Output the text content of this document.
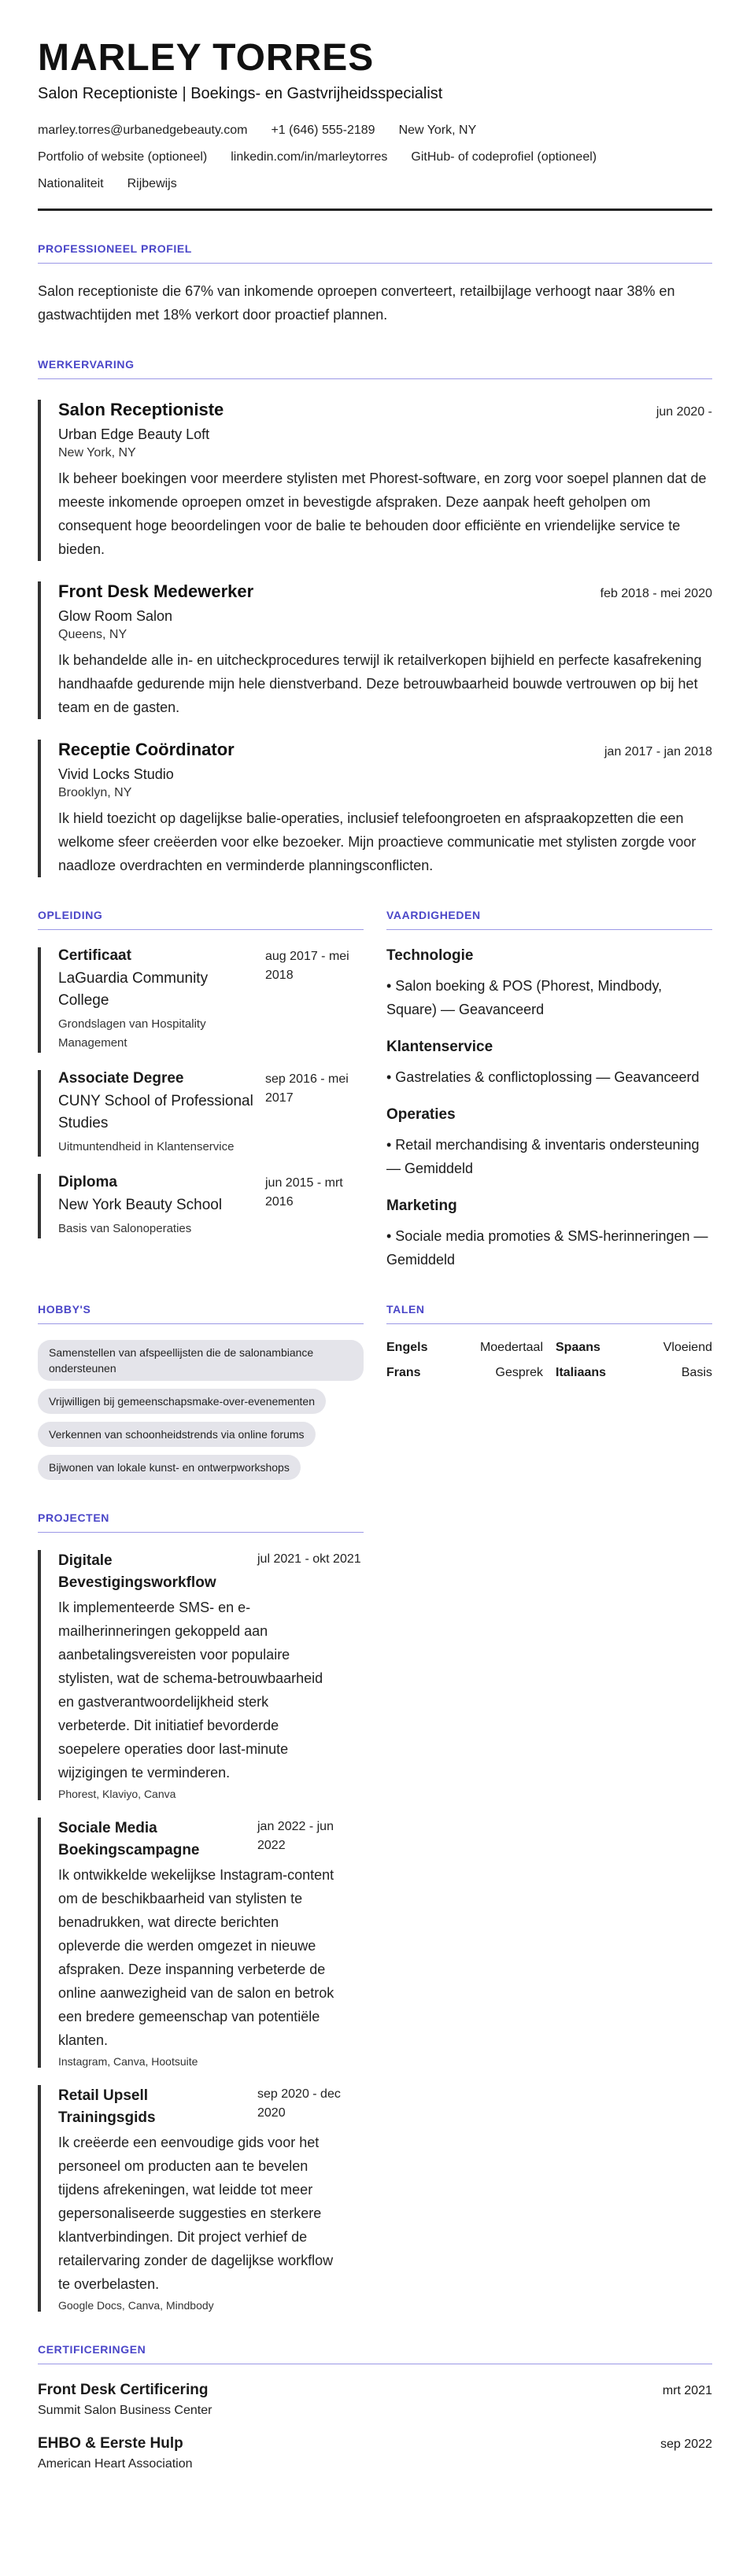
MARLEY TORRES
Salon Receptioniste | Boekings- en Gastvrijheidsspecialist
marley.torres@urbanedgebeauty.com +1 (646) 555-2189 New York, NY
Portfolio of website (optioneel) linkedin.com/in/marleytorres GitHub- of codeprofiel (optioneel)
Nationaliteit Rijbewijs
PROFESSIONEEL PROFIEL

Salon receptioniste die 67% van inkomende oproepen converteert, retailbijlage verhoogt naar 38% en gastwachtijden met 18% verkort door proactief plannen.

WERKERVARING
Salon Receptioniste	jun 2020 -
Urban Edge Beauty Loft
New York, NY

Ik beheer boekingen voor meerdere stylisten met Phorest-software, en zorg voor soepel plannen dat de meeste inkomende oproepen omzet in bevestigde afspraken. Deze aanpak heeft geholpen om consequent hoge beoordelingen voor de balie te behouden door efficiënte en vriendelijke service te bieden.

Front Desk Medewerker	feb 2018 - mei 2020
Glow Room Salon
Queens, NY

Ik behandelde alle in- en uitcheckprocedures terwijl ik retailverkopen bijhield en perfecte kasafrekening handhaafde gedurende mijn hele dienstverband. Deze betrouwbaarheid bouwde vertrouwen op bij het team en de gasten.

Receptie Coördinator	jan 2017 - jan 2018
Vivid Locks Studio
Brooklyn, NY

Ik hield toezicht op dagelijkse balie-operaties, inclusief telefoongroeten en afspraakopzetten die een welkome sfeer creëerden voor elke bezoeker. Mijn proactieve communicatie met stylisten zorgde voor naadloze overdrachten en verminderde planningsconflicten.

OPLEIDING
Certificaat
LaGuardia Community College
aug 2017 - mei 2018
Grondslagen van Hospitality Management
Associate Degree
CUNY School of Professional Studies
sep 2016 - mei 2017
Uitmuntendheid in Klantenservice
Diploma
New York Beauty School
jun 2015 - mrt 2016
Basis van Salonoperaties
VAARDIGHEDEN
Technologie
• Salon boeking & POS (Phorest, Mindbody, Square) — Geavanceerd
Klantenservice
• Gastrelaties & conflictoplossing — Geavanceerd
Operaties
• Retail merchandising & inventaris ondersteuning — Gemiddeld
Marketing
• Sociale media promoties & SMS-herinneringen — Gemiddeld
HOBBY'S
Samenstellen van afspeellijsten die de salonambiance ondersteunen Vrijwilligen bij gemeenschapsmake-over-evenementen Verkennen van schoonheidstrends via online forums Bijwonen van lokale kunst- en ontwerpworkshops
TALEN
Engels	Moedertaal Spaans	Vloeiend
Frans	Gesprek Italiaans	Basis
PROJECTEN
Digitale Bevestigingsworkflow
jul 2021 - okt 2021

Ik implementeerde SMS- en e-mailherinneringen gekoppeld aan aanbetalingsvereisten voor populaire stylisten, wat de schema-betrouwbaarheid en gastverantwoordelijkheid sterk verbeterde. Dit initiatief bevorderde soepelere operaties door last-minute wijzigingen te verminderen.

Phorest, Klaviyo, Canva
Sociale Media Boekingscampagne
jan 2022 - jun 2022

Ik ontwikkelde wekelijkse Instagram-content om de beschikbaarheid van stylisten te benadrukken, wat directe berichten opleverde die werden omgezet in nieuwe afspraken. Deze inspanning verbeterde de online aanwezigheid van de salon en betrok een bredere gemeenschap van potentiële klanten.

Instagram, Canva, Hootsuite
Retail Upsell Trainingsgids
sep 2020 - dec 2020

Ik creëerde een eenvoudige gids voor het personeel om producten aan te bevelen tijdens afrekeningen, wat leidde tot meer gepersonaliseerde suggesties en sterkere klantverbindingen. Dit project verhief de retailervaring zonder de dagelijkse workflow te overbelasten.

Google Docs, Canva, Mindbody
CERTIFICERINGEN
Front Desk Certificering	mrt 2021
Summit Salon Business Center
EHBO & Eerste Hulp	sep 2022
American Heart Association
